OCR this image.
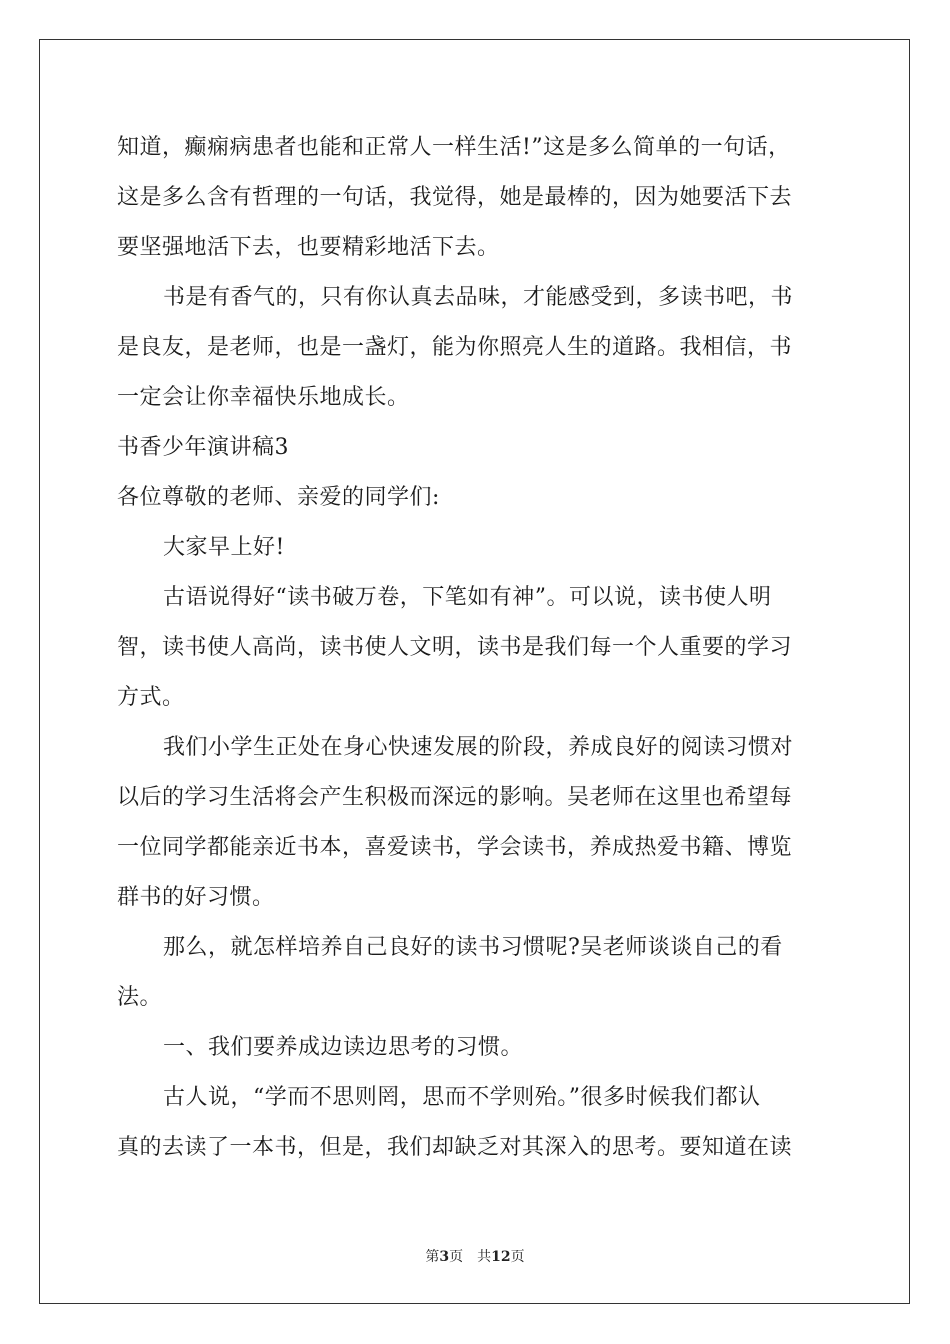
知道，癫痫病患者也能和正常人一样生活!”这是多么简单的一句话，
这是多么含有哲理的一句话，我觉得，她是最棒的，因为她要活下去
要坚强地活下去，也要精彩地活下去。
书是有香气的，只有你认真去品味，才能感受到，多读书吧，书
是良友，是老师，也是一盏灯，能为你照亮人生的道路。我相信，书
一定会让你幸福快乐地成长。
书香少年演讲稿3
各位尊敬的老师、亲爱的同学们:
大家早上好!
古语说得好“读书破万卷，下笔如有神”。可以说，读书使人明
智，读书使人高尚，读书使人文明，读书是我们每一个人重要的学习
方式。
我们小学生正处在身心快速发展的阶段，养成良好的阅读习惯对
以后的学习生活将会产生积极而深远的影响。吴老师在这里也希望每
一位同学都能亲近书本，喜爱读书，学会读书，养成热爱书籍、博览
群书的好习惯。
那么，就怎样培养自己良好的读书习惯呢?吴老师谈谈自己的看
法。
一、我们要养成边读边思考的习惯。
古人说，“学而不思则罔，思而不学则殆。”很多时候我们都认
真的去读了一本书，但是，我们却缺乏对其深入的思考。要知道在读
第3页　共12页
